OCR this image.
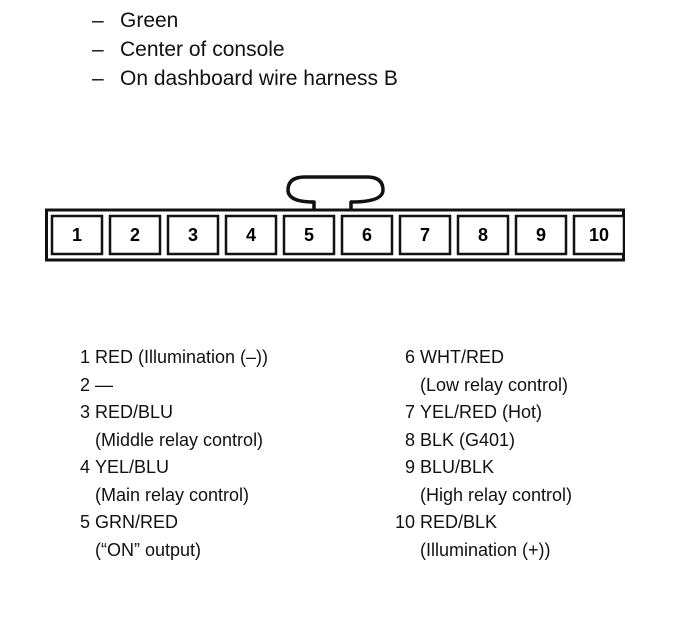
– Green
– Center of console
– On dashboard wire harness B
1	2	3	4	5	6	7	8	9 10
1 RED (Illumination (–))
2 —
3 RED/BLU
(Middle relay control)
4 YEL/BLU
(Main relay control)
5 GRN/RED
(“ON” output)
6 WHT/RED
(Low relay control)
7 YEL/RED (Hot)
8 BLK (G401)
9 BLU/BLK
(High relay control)
10 RED/BLK
(Illumination (+))
